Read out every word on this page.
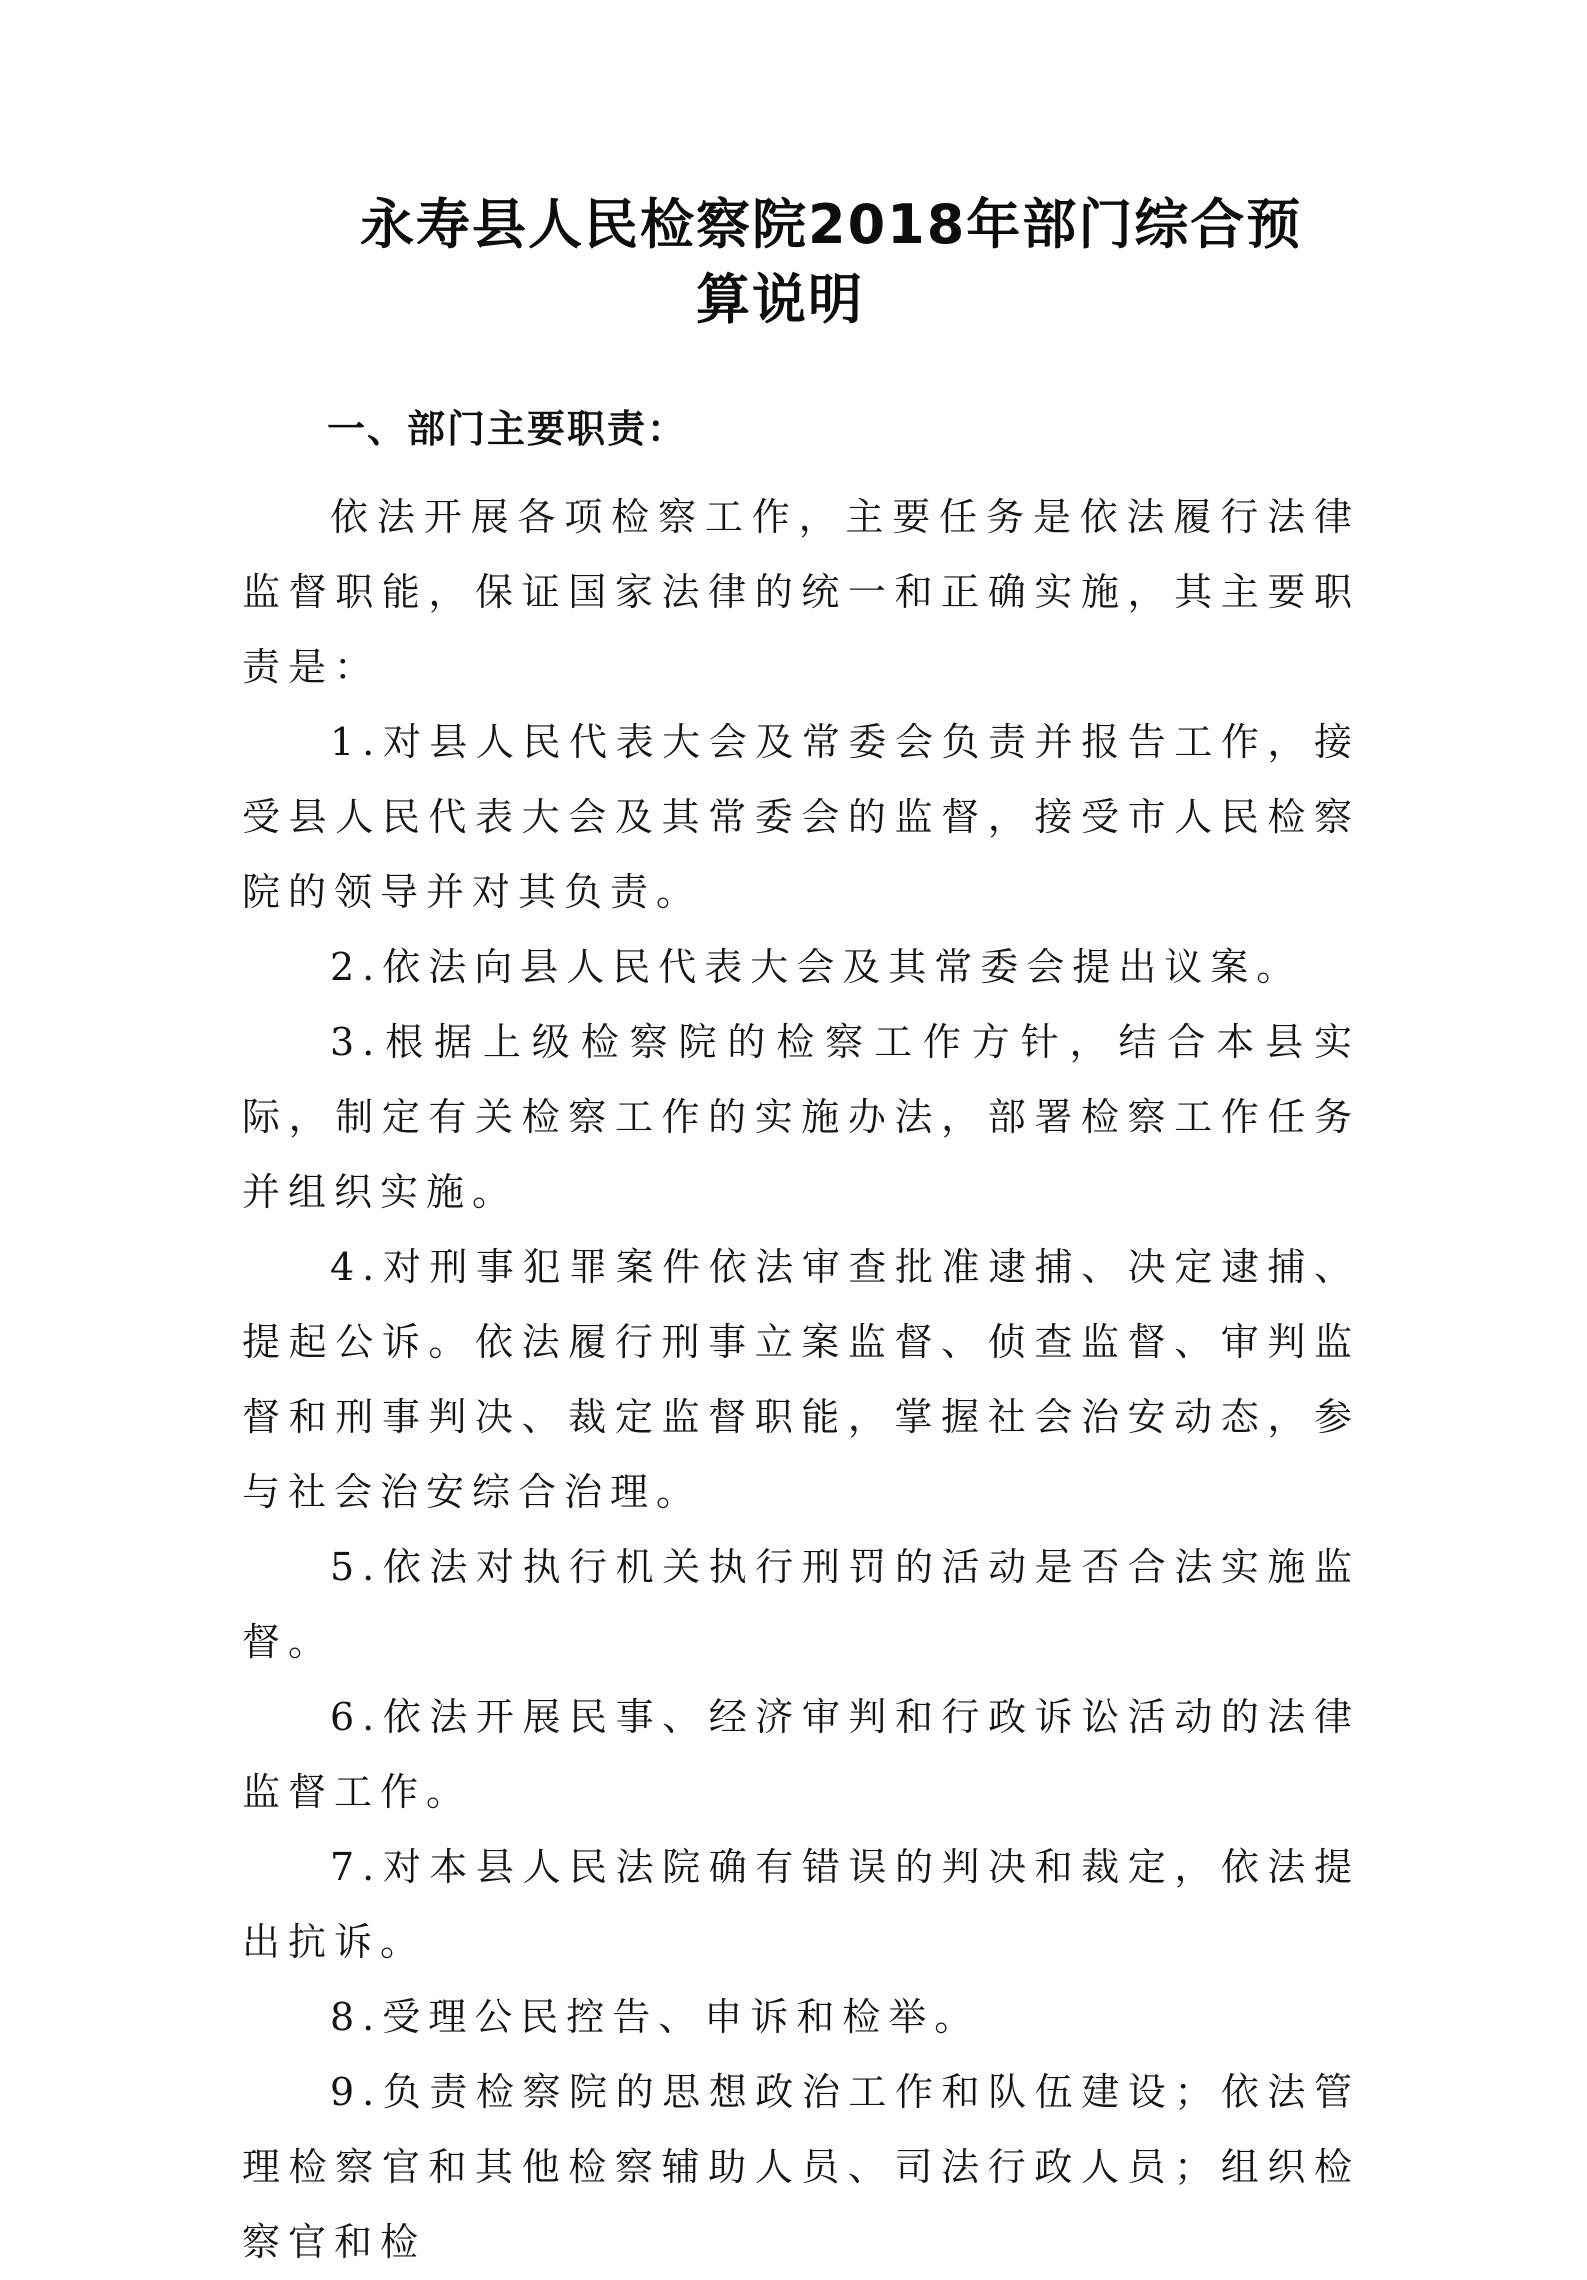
永寿县人民检察院2018年部门综合预
算说明
一、部门主要职责：

依法开展各项检察工作，主要任务是依法履行法律监督职能，保证国家法律的统一和正确实施，其主要职责是：

1.对县人民代表大会及常委会负责并报告工作，接受县人民代表大会及其常委会的监督，接受市人民检察院的领导并对其负责。

2.依法向县人民代表大会及其常委会提出议案。

3.根据上级检察院的检察工作方针，结合本县实际，制定有关检察工作的实施办法，部署检察工作任务并组织实施。

4.对刑事犯罪案件依法审查批准逮捕、决定逮捕、提起公诉。依法履行刑事立案监督、侦查监督、审判监督和刑事判决、裁定监督职能，掌握社会治安动态，参与社会治安综合治理。

5.依法对执行机关执行刑罚的活动是否合法实施监督。

6.依法开展民事、经济审判和行政诉讼活动的法律监督工作。

7.对本县人民法院确有错误的判决和裁定，依法提出抗诉。

8.受理公民控告、申诉和检举。

9.负责检察院的思想政治工作和队伍建设；依法管理检察官和其他检察辅助人员、司法行政人员；组织检察官和检
